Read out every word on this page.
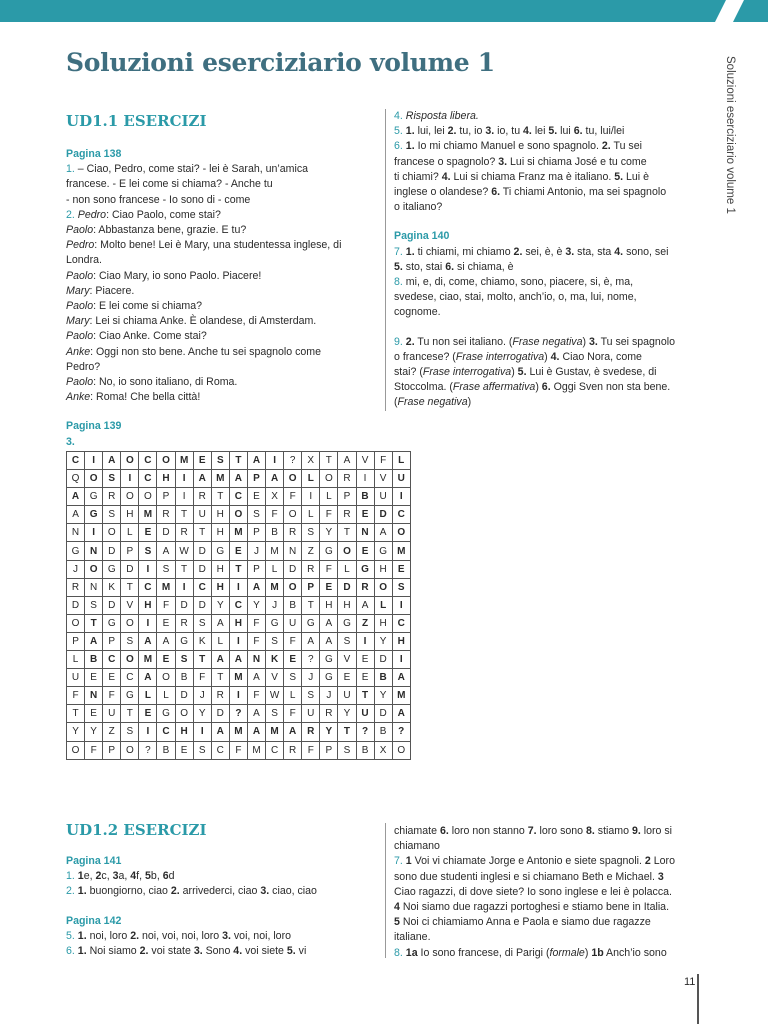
Soluzioni eserciziario volume 1	Soluzioni eserciziario volume 1
UD1.1 ESERCIZI

Pagina 138

1. – Ciao, Pedro, come stai? - lei è Sarah, un’amica

francese. - E lei come si chiama? - Anche tu

- non sono francese - Io sono di - come

2. Pedro: Ciao Paolo, come stai?
Paolo: Abbastanza bene, grazie. E tu?
Pedro: Molto bene! Lei è Mary, una studentessa inglese, di
Londra.
Paolo: Ciao Mary, io sono Paolo. Piacere!
Mary: Piacere.
Paolo: E lei come si chiama?
Mary: Lei si chiama Anke. È olandese, di Amsterdam.
Paolo: Ciao Anke. Come stai?
Anke: Oggi non sto bene. Anche tu sei spagnolo come
Pedro?
Paolo: No, io sono italiano, di Roma.
Anke: Roma! Che bella città!

Pagina 139

3.

4. Risposta libera.

5. 1. lui, lei 2. tu, io 3. io, tu 4. lei 5. lui 6. tu, lui/lei

6. 1. Io mi chiamo Manuel e sono spagnolo. 2. Tu sei

francese o spagnolo? 3. Lui si chiama José e tu come

ti chiami? 4. Lui si chiama Franz ma è italiano. 5. Lui è

inglese o olandese? 6. Ti chiami Antonio, ma sei spagnolo

o italiano?

Pagina 140

7. 1. ti chiami, mi chiamo 2. sei, è, è 3. sta, sta 4. sono, sei

5. sto, stai 6. si chiama, è

8. mi, e, di, come, chiamo, sono, piacere, si, è, ma,

svedese, ciao, stai, molto, anch’io, o, ma, lui, nome,

cognome.

9. 2. Tu non sei italiano. (Frase negativa) 3. Tu sei spagnolo

o francese? (Frase interrogativa) 4. Ciao Nora, come

stai? (Frase interrogativa) 5. Lui è Gustav, è svedese, di

Stoccolma. (Frase affermativa) 6. Oggi Sven non sta bene.

(Frase negativa)

C	I	A	O	C	O	M	E	S	T	A	I	?	X	T	A	V	F	L
Q	O	S	I	C	H	I	A	M	A	P	A	O	L	O	R	I	V	U
A	G	R	O	O	P	I	R	T	C	E	X	F	I	L	P	B	U	I
A	G	S	H	M	R	T	U	H	O	S	F	O	L	F	R	E	D	C
N	I	O	L	E	D	R	T	H	M	P	B	R	S	Y	T	N	A	O
G	N	D	P	S	A	W	D	G	E	J	M	N	Z	G	O	E	G	M
J	O	G	D	I	S	T	D	H	T	P	L	D	R	F	L	G	H	E
R	N	K	T	C	M	I	C	H	I	A	M	O	P	E	D	R	O	S
D	S	D	V	H	F	D	D	Y	C	Y	J	B	T	H	H	A	L	I
O	T	G	O	I	E	R	S	A	H	F	G	U	G	A	G	Z	H	C
P	A	P	S	A	A	G	K	L	I	F	S	F	A	A	S	I	Y	H
L	B	C	O	M	E	S	T	A	A	N	K	E	?	G	V	E	D	I
U	E	E	C	A	O	B	F	T	M	A	V	S	J	G	E	E	B	A
F	N	F	G	L	L	D	J	R	I	F	W	L	S	J	U	T	Y	M
T	E	U	T	E	G	O	Y	D	?	A	S	F	U	R	Y	U	D	A
Y	Y	Z	S	I	C	H	I	A	M	A	M	A	R	Y	T	?	B	?
O	F	P	O	?	B	E	S	C	F	M	C	R	F	P	S	B	X	O
UD1.2 ESERCIZI

Pagina 141

1. 1e, 2c, 3a, 4f, 5b, 6d

2. 1. buongiorno, ciao 2. arrivederci, ciao 3. ciao, ciao

Pagina 142

5. 1. noi, loro 2. noi, voi, noi, loro 3. voi, noi, loro

6. 1. Noi siamo 2. voi state 3. Sono 4. voi siete 5. vi

chiamate 6. loro non stanno 7. loro sono 8. stiamo 9. loro si

chiamano

7. 1 Voi vi chiamate Jorge e Antonio e siete spagnoli. 2 Loro

sono due studenti inglesi e si chiamano Beth e Michael. 3

Ciao ragazzi, di dove siete? Io sono inglese e lei è polacca.

4 Noi siamo due ragazzi portoghesi e stiamo bene in Italia.

5 Noi ci chiamiamo Anna e Paola e siamo due ragazze

italiane.

8. 1a Io sono francese, di Parigi (formale) 1b Anch’io sono

11
